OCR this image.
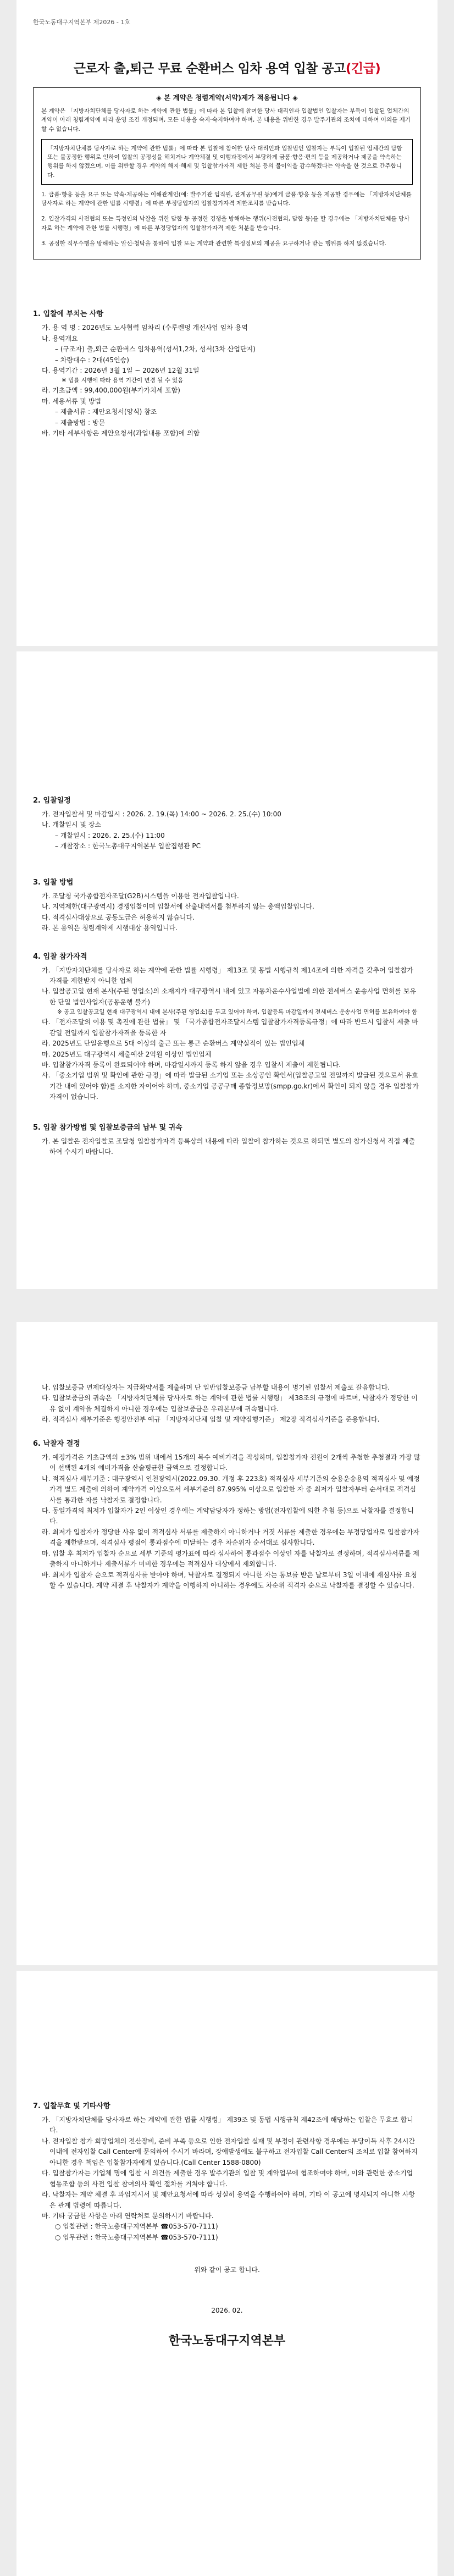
한국노동대구지역본부 제2026 - 1호
근로자 출,퇴근 무료 순환버스 임차 용역 입찰 공고(긴급)
◈ 본 계약은 청렴계약(서약)제가 적용됩니다 ◈

본 계약은 「지방자치단체를 당사자로 하는 계약에 관한 법률」에 따라 본 입찰에 참여한 당사 대리인과 입찰법인 입찰자는 부득이 입찰된 업체간의 계약이 아래 청렴계약에 따라 운영 조건 개정되며, 모든 내용을 숙지·숙지하여야 하며, 본 내용을 위반한 경우 발주기관의 조치에 대하여 이의를 제기할 수 없습니다.

「지방자치단체를 당사자로 하는 계약에 관한 법률」에 따라 본 입찰에 참여한 당사 대리인과 입찰법인 입찰자는 부득이 입찰된 업체간의 담합 또는 불공정한 행위로 인하여 입찰의 공정성을 해치거나 계약체결 및 이행과정에서 부당하게 금품·향응·편의 등을 제공하거나 제공을 약속하는 행위를 하지 않겠으며, 이를 위반할 경우 계약의 해지·해제 및 입찰참가자격 제한 처분 등의 불이익을 감수하겠다는 약속을 한 것으로 간주합니다.
1. 금품·향응 등을 요구 또는 약속·제공하는 이해관계인(예: 발주기관 임직원, 관계공무원 등)에게 금품·향응 등을 제공할 경우에는 「지방자치단체를 당사자로 하는 계약에 관한 법률 시행령」에 따른 부정당업자의 입찰참가자격 제한조치를 받습니다.
2. 입찰가격의 사전협의 또는 특정인의 낙찰을 위한 담합 등 공정한 경쟁을 방해하는 행위(사전협의, 담합 등)를 할 경우에는 「지방자치단체를 당사자로 하는 계약에 관한 법률 시행령」에 따른 부정당업자의 입찰참가자격 제한 처분을 받습니다.
3. 공정한 직무수행을 방해하는 알선·청탁을 통하여 입찰 또는 계약과 관련한 특정정보의 제공을 요구하거나 받는 행위를 하지 않겠습니다.
1. 입찰에 부치는 사항

가. 용 역 명 : 2026년도 노사협력 임차리 (수루렌멍 개선사업 임차 용역

나. 용역개요

– (구조자) 출,퇴근 순환버스 임차용역(성서1,2차, 성서(3차 산업단지)

– 차량대수 : 2대(45인승)

다. 용역기간 : 2026년 3월 1일 ~ 2026년 12월 31일

※ 법률 시행에 따라 용역 기간이 변경 될 수 있음

라. 기초금액 : 99,400,000원(부가가치세 포함)

마. 세용서류 및 방법

– 제출서류 : 제안요청서(양식) 참조

– 제출방법 : 방문

바. 기타 세부사항은 제안요청서(과업내용 포함)에 의함

2. 입찰일정

가. 전자입찰서 및 마감일시 : 2026. 2. 19.(목) 14:00 ~ 2026. 2. 25.(수) 10:00

나. 개찰일시 및 장소

– 개찰일시 : 2026. 2. 25.(수) 11:00

– 개찰장소 : 한국노총대구지역본부 입찰집행관 PC

3. 입찰 방법

가. 조달청 국가종합전자조달(G2B)시스템을 이용한 전자입찰입니다.

나. 지역제한(대구광역시) 경쟁입찰이며 입찰서에 산출내역서를 첨부하지 않는 총액입찰입니다.

다. 적격심사대상으로 공동도급은 허용하지 않습니다.

라. 본 용역은 청렴계약제 시행대상 용역입니다.

4. 입찰 참가자격

가. 「지방자치단체를 당사자로 하는 계약에 관한 법률 시행령」 제13조 및 동법 시행규칙 제14조에 의한 자격을 갖추어 입찰참가 자격를 제한받지 아니한 업체

나. 입찰공고일 현재 본사(주된 영업소)의 소재지가 대구광역시 내에 있고 자동차운수사업법에 의한 전세버스 운송사업 면허를 보유한 단일 법인사업자(공동운행 불가)

※ 공고 입찰공고일 현재 대구광역시 내에 본사(주된 영업소)를 두고 있어야 하며, 입찰등록 마감일까지 전세버스 운송사업 면허를 보유하여야 함

다. 「전자조달의 이용 및 촉진에 관한 법률」 및 「국가종합전자조달시스템 입찰참가자격등록규정」에 따라 반드시 입찰서 제출 마감일 전일까지 입찰참가자격을 등록한 자

라. 2025년도 단일운행으로 5대 이상의 출근 또는 통근 순환버스 계약실적이 있는 법인업체

마. 2025년도 대구광역시 세출예산 2억원 이상인 법인업체

바. 입찰참가자격 등록이 완료되어야 하며, 마감일시까지 등록 하지 않을 경우 입찰서 제출이 제한됩니다.

사. 「중소기업 범위 및 확인에 관한 규정」에 따라 발급된 소기업 또는 소상공인 확인서(입찰공고일 전일까지 발급된 것으로서 유효기간 내에 있어야 함)를 소지한 자이어야 하며, 중소기업 공공구매 종합정보망(smpp.go.kr)에서 확인이 되지 않을 경우 입찰참가 자격이 없습니다.

5. 입찰 참가방법 및 입찰보증금의 납부 및 귀속

가. 본 입찰은 전자입찰로 조달청 입찰참가자격 등록상의 내용에 따라 입찰에 참가하는 것으로 하되면 별도의 참가신청서 직접 제출하여 수시기 바랍니다.

나. 입찰보증금 면제대상자는 지급확약서를 제출하며 단 일반입찰보증금 납부할 내용이 명기된 입찰서 제출로 갈음합니다.

다. 입찰보증금의 귀속은 「지방자치단체를 당사자로 하는 계약에 관한 법률 시행령」 제38조의 규정에 따르며, 낙찰자가 정당한 이유 없이 계약을 체결하지 아니한 경우에는 입찰보증금은 우리본부에 귀속됩니다.

라. 적격심사 세부기준은 행정안전부 예규 「지방자치단체 입찰 및 계약집행기준」 제2장 적격심사기준을 준용합니다.

6. 낙찰자 결정

가. 예정가격은 기초금액의 ±3% 범위 내에서 15개의 복수 예비가격을 작성하며, 입찰참가자 전원이 2개씩 추첨한 추첨결과 가장 많이 선택된 4개의 예비가격을 산술평균한 금액으로 결정합니다.

나. 적격심사 세부기준 : 대구광역시 인천광역시(2022.09.30. 개정 후 223호) 적격심사 세부기준의 승용운송용역 적격심사 및 예정가격 별도 제출에 의하여 계약가격 이상으로서 세부기준의 87.995% 이상으로 입찰한 자 중 최저가 입찰자부터 순서대로 적격심사를 통과한 자를 낙찰자로 결정합니다.

다. 동일가격의 최저가 입찰자가 2인 이상인 경우에는 계약담당자가 정하는 방법(전자입찰에 의한 추첨 등)으로 낙찰자를 결정합니다.

라. 최저가 입찰자가 정당한 사유 없이 적격심사 서류를 제출하지 아니하거나 거짓 서류를 제출한 경우에는 부정당업자로 입찰참가자격을 제한받으며, 적격심사 평점이 통과점수에 미달하는 경우 차순위자 순서대로 심사합니다.

마. 입찰 후 최저가 입찰자 순으로 세부 기준의 평가표에 따라 심사하여 통과점수 이상인 자를 낙찰자로 결정하며, 적격심사서류를 제출하지 아니하거나 제출서류가 미비한 경우에는 적격심사 대상에서 제외합니다.

바. 최저가 입찰자 순으로 적격심사를 받아야 하며, 낙찰자로 결정되지 아니한 자는 통보를 받은 날로부터 3일 이내에 재심사를 요청할 수 있습니다. 계약 체결 후 낙찰자가 계약을 이행하지 아니하는 경우에도 차순위 적격자 순으로 낙찰자를 결정할 수 있습니다.

7. 입찰무효 및 기타사항

가. 「지방자치단체를 당사자로 하는 계약에 관한 법률 시행령」 제39조 및 동법 시행규칙 제42조에 해당하는 입찰은 무효로 합니다.

나. 전자입찰 참가 희망업체의 전산장비, 준비 부족 등으로 인한 전자입찰 실패 및 부정이 관련사항 경우에는 부당이득 사후 24시간 이내에 전자입찰 Call Center에 문의하여 수시기 바라며, 장애발생에도 불구하고 전자입찰 Call Center의 조치로 입찰 참여하지 아니한 경우 책임은 입찰참가자에게 있습니다.(Call Center 1588-0800)

다. 입찰참가자는 기업체 명에 입찰 시 의견을 제출한 경우 발주기관의 입찰 및 계약업무에 협조하여야 하며, 이와 관련한 중소기업 협동조합 등의 사전 입찰 참여의사 확인 절차를 거쳐야 합니다.

라. 낙찰자는 계약 체결 후 과업지시서 및 제안요청서에 따라 성실히 용역을 수행하여야 하며, 기타 이 공고에 명시되지 아니한 사항은 관계 법령에 따릅니다.

마. 기타 궁금한 사항은 아래 연락처로 문의하시기 바랍니다.

○ 입찰관련 : 한국노총대구지역본부 ☎053-570-7111)

○ 업무관련 : 한국노총대구지역본부 ☎053-570-7111)

위와 같이 공고 합니다.

2026. 02.

한국노동대구지역본부
